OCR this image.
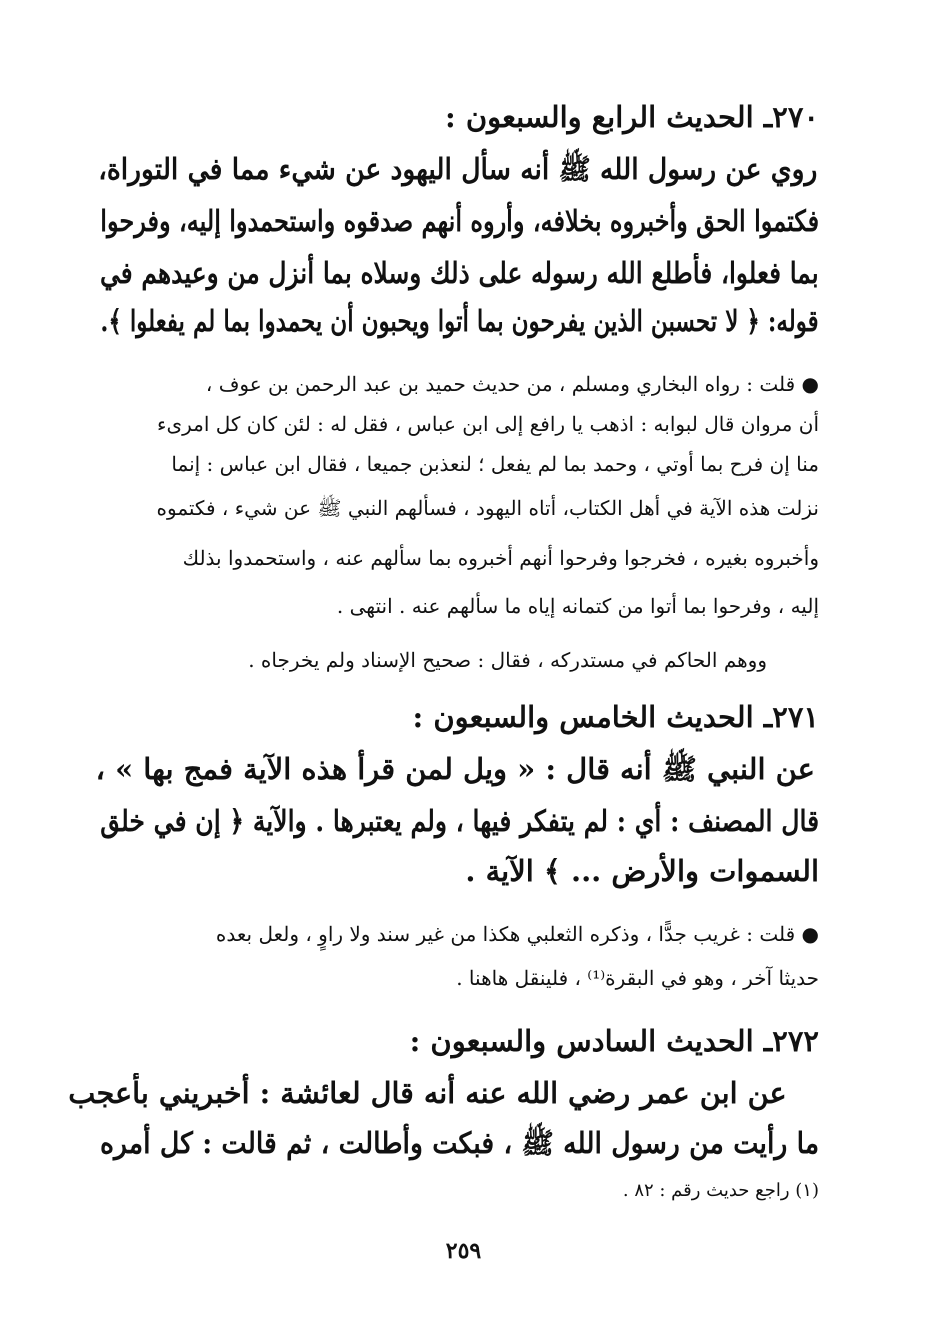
٢٧٠ـ الحديث الرابع والسبعون :
روي عن رسول الله ﷺ أنه سأل اليهود عن شيء مما في التوراة،
فكتموا الحق وأخبروه بخلافه، وأروه أنهم صدقوه واستحمدوا إليه، وفرحوا
بما فعلوا، فأطلع الله رسوله على ذلك وسلاه بما أنزل من وعيدهم في
قوله: ﴿ لا تحسبن الذين يفرحون بما أتوا ويحبون أن يحمدوا بما لم يفعلوا ﴾.
● قلت : رواه البخاري ومسلم ، من حديث حميد بن عبد الرحمن بن عوف ،
أن مروان قال لبوابه : اذهب يا رافع إلى ابن عباس ، فقل له : لئن كان كل امرىء
منا إن فرح بما أوتي ، وحمد بما لم يفعل ؛ لنعذبن جميعا ، فقال ابن عباس : إنما
نزلت هذه الآية في أهل الكتاب، أتاه اليهود ، فسألهم النبي ﷺ عن شيء ، فكتموه
وأخبروه بغيره ، فخرجوا وفرحوا أنهم أخبروه بما سألهم عنه ، واستحمدوا بذلك
إليه ، وفرحوا بما أتوا من كتمانه إياه ما سألهم عنه . انتهى .
ووهم الحاكم في مستدركه ، فقال : صحيح الإسناد ولم يخرجاه .
٢٧١ـ الحديث الخامس والسبعون :
عن النبي ﷺ أنه قال : « ويل لمن قرأ هذه الآية فمج بها » ،
قال المصنف : أي : لم يتفكر فيها ، ولم يعتبرها . والآية ﴿ إن في خلق
السموات والأرض ... ﴾ الآية .
● قلت : غريب جدًّا ، وذكره الثعلبي هكذا من غير سند ولا راوٍ ، ولعل بعده
حديثا آخر ، وهو في البقرة⁽¹⁾ ، فلينقل هاهنا .
٢٧٢ـ الحديث السادس والسبعون :
عن ابن عمر رضي الله عنه أنه قال لعائشة : أخبريني بأعجب
ما رأيت من رسول الله ﷺ ، فبكت وأطالت ، ثم قالت : كل أمره
(١) راجع حديث رقم : ٨٢ .
٢٥٩
